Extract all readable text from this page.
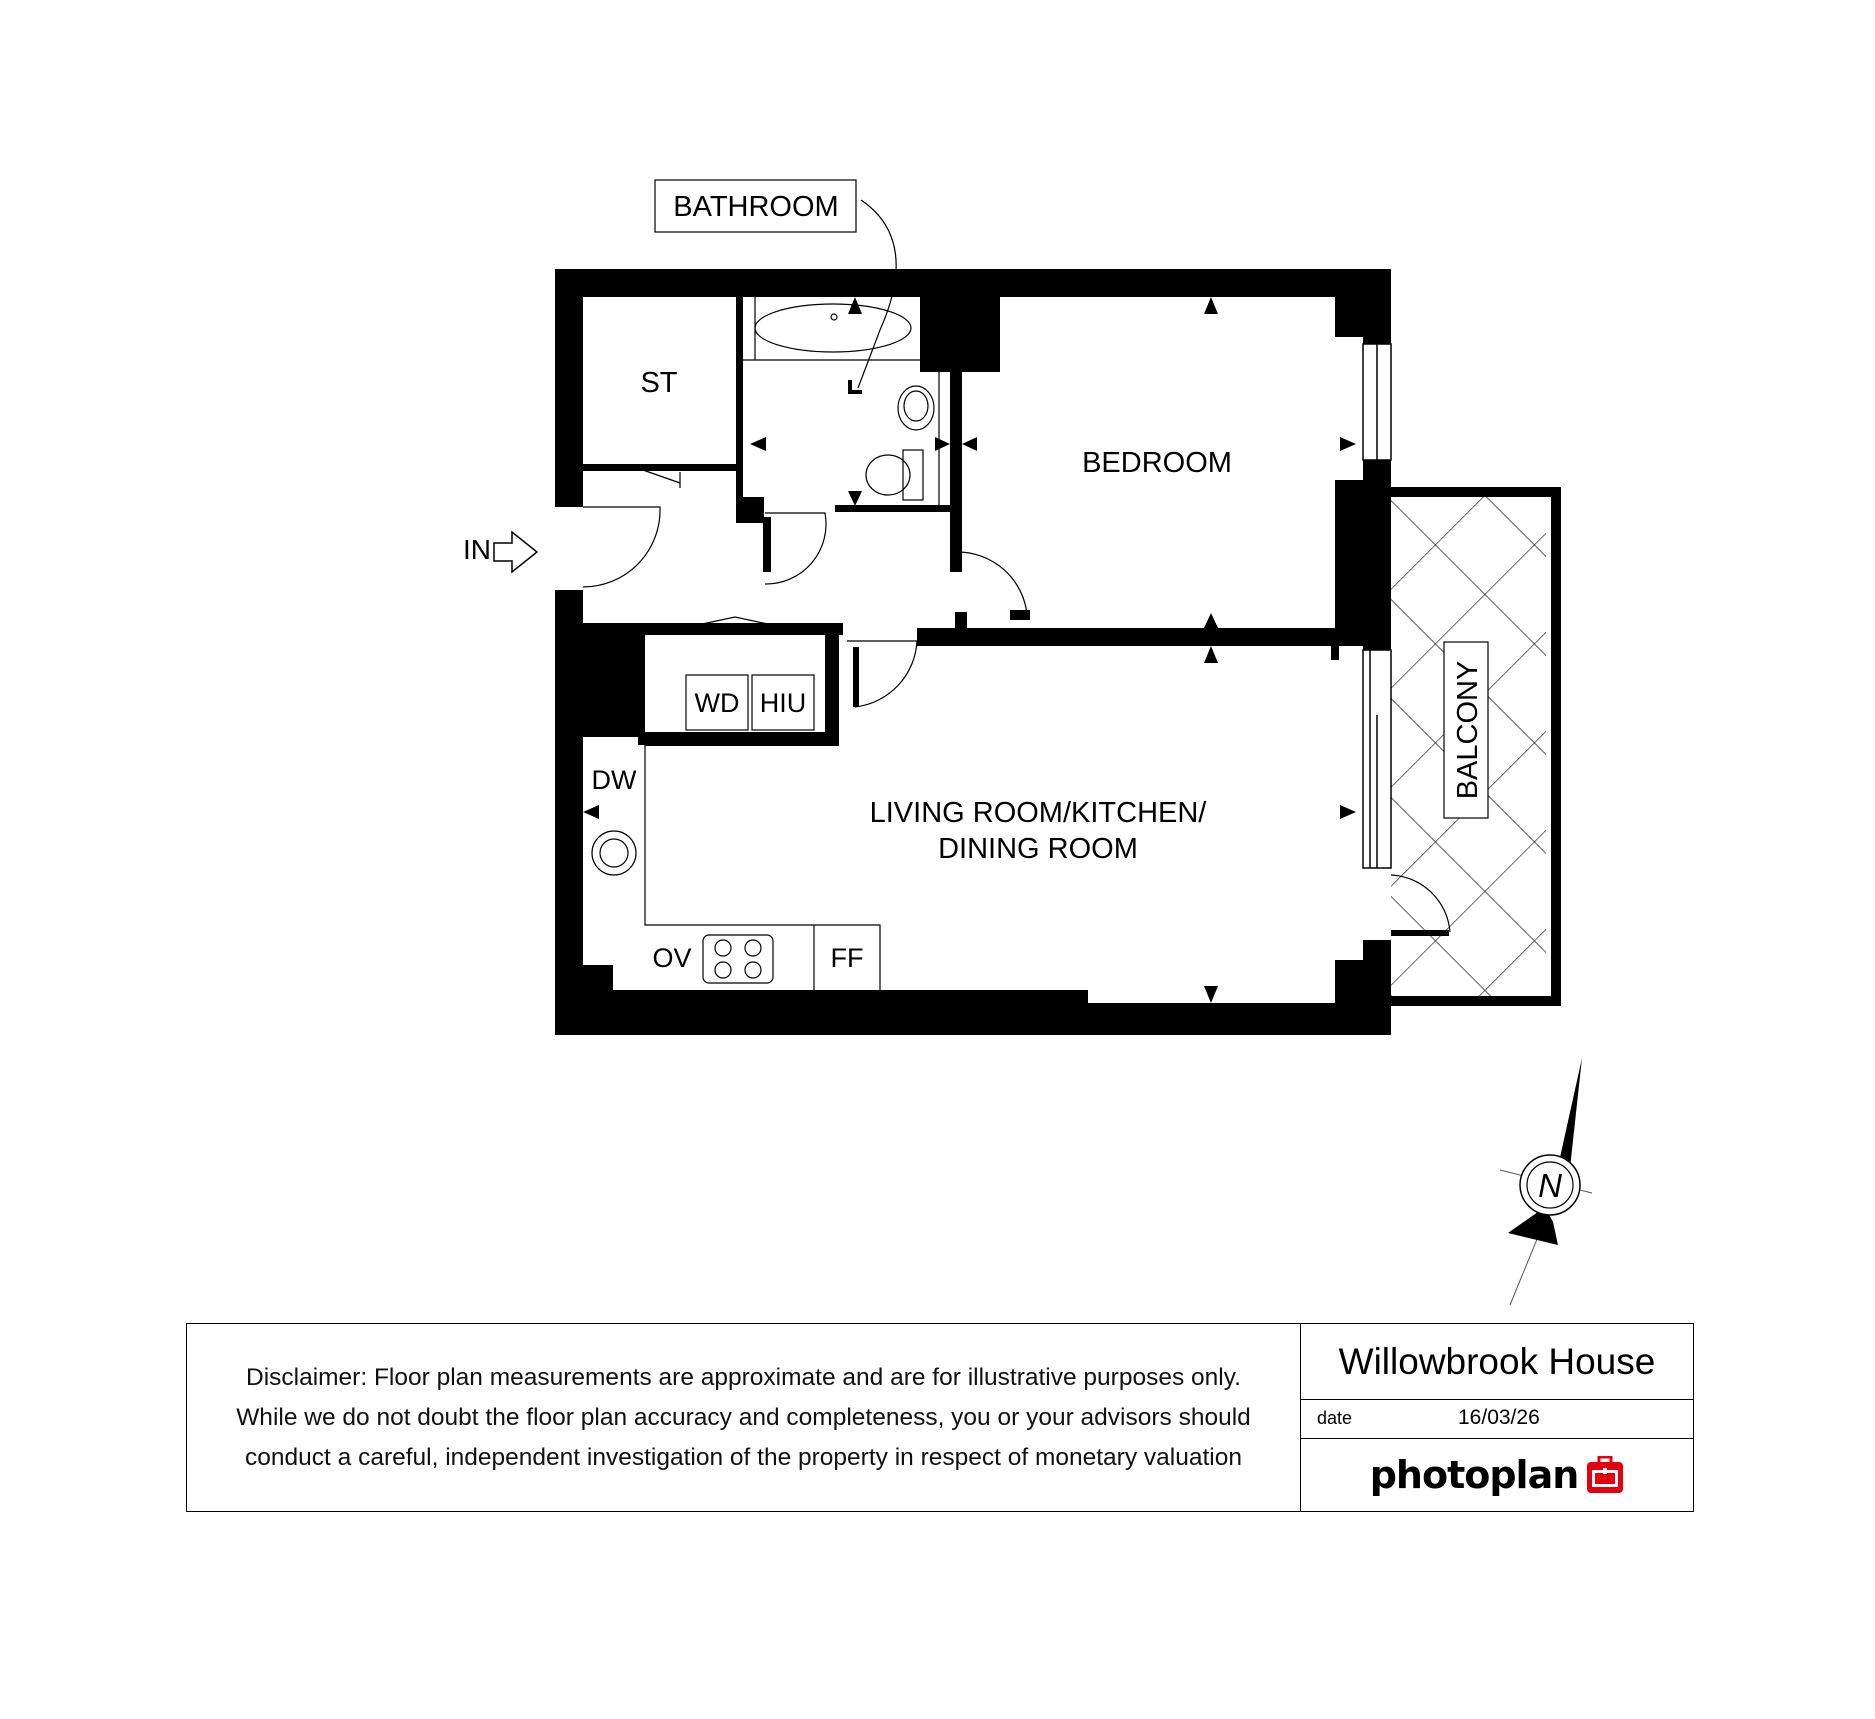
BATHROOM
ST
BEDROOM
IN
WD HIU
DW
LIVING ROOM/KITCHEN/
DINING ROOM
OV	FF
BALCONY
N
Disclaimer: Floor plan measurements are approximate and are for illustrative purposes only.
While we do not doubt the floor plan accuracy and completeness, you or your advisors should
conduct a careful, independent investigation of the property in respect of monetary valuation
Willowbrook House
date	16/03/26
photoplan
